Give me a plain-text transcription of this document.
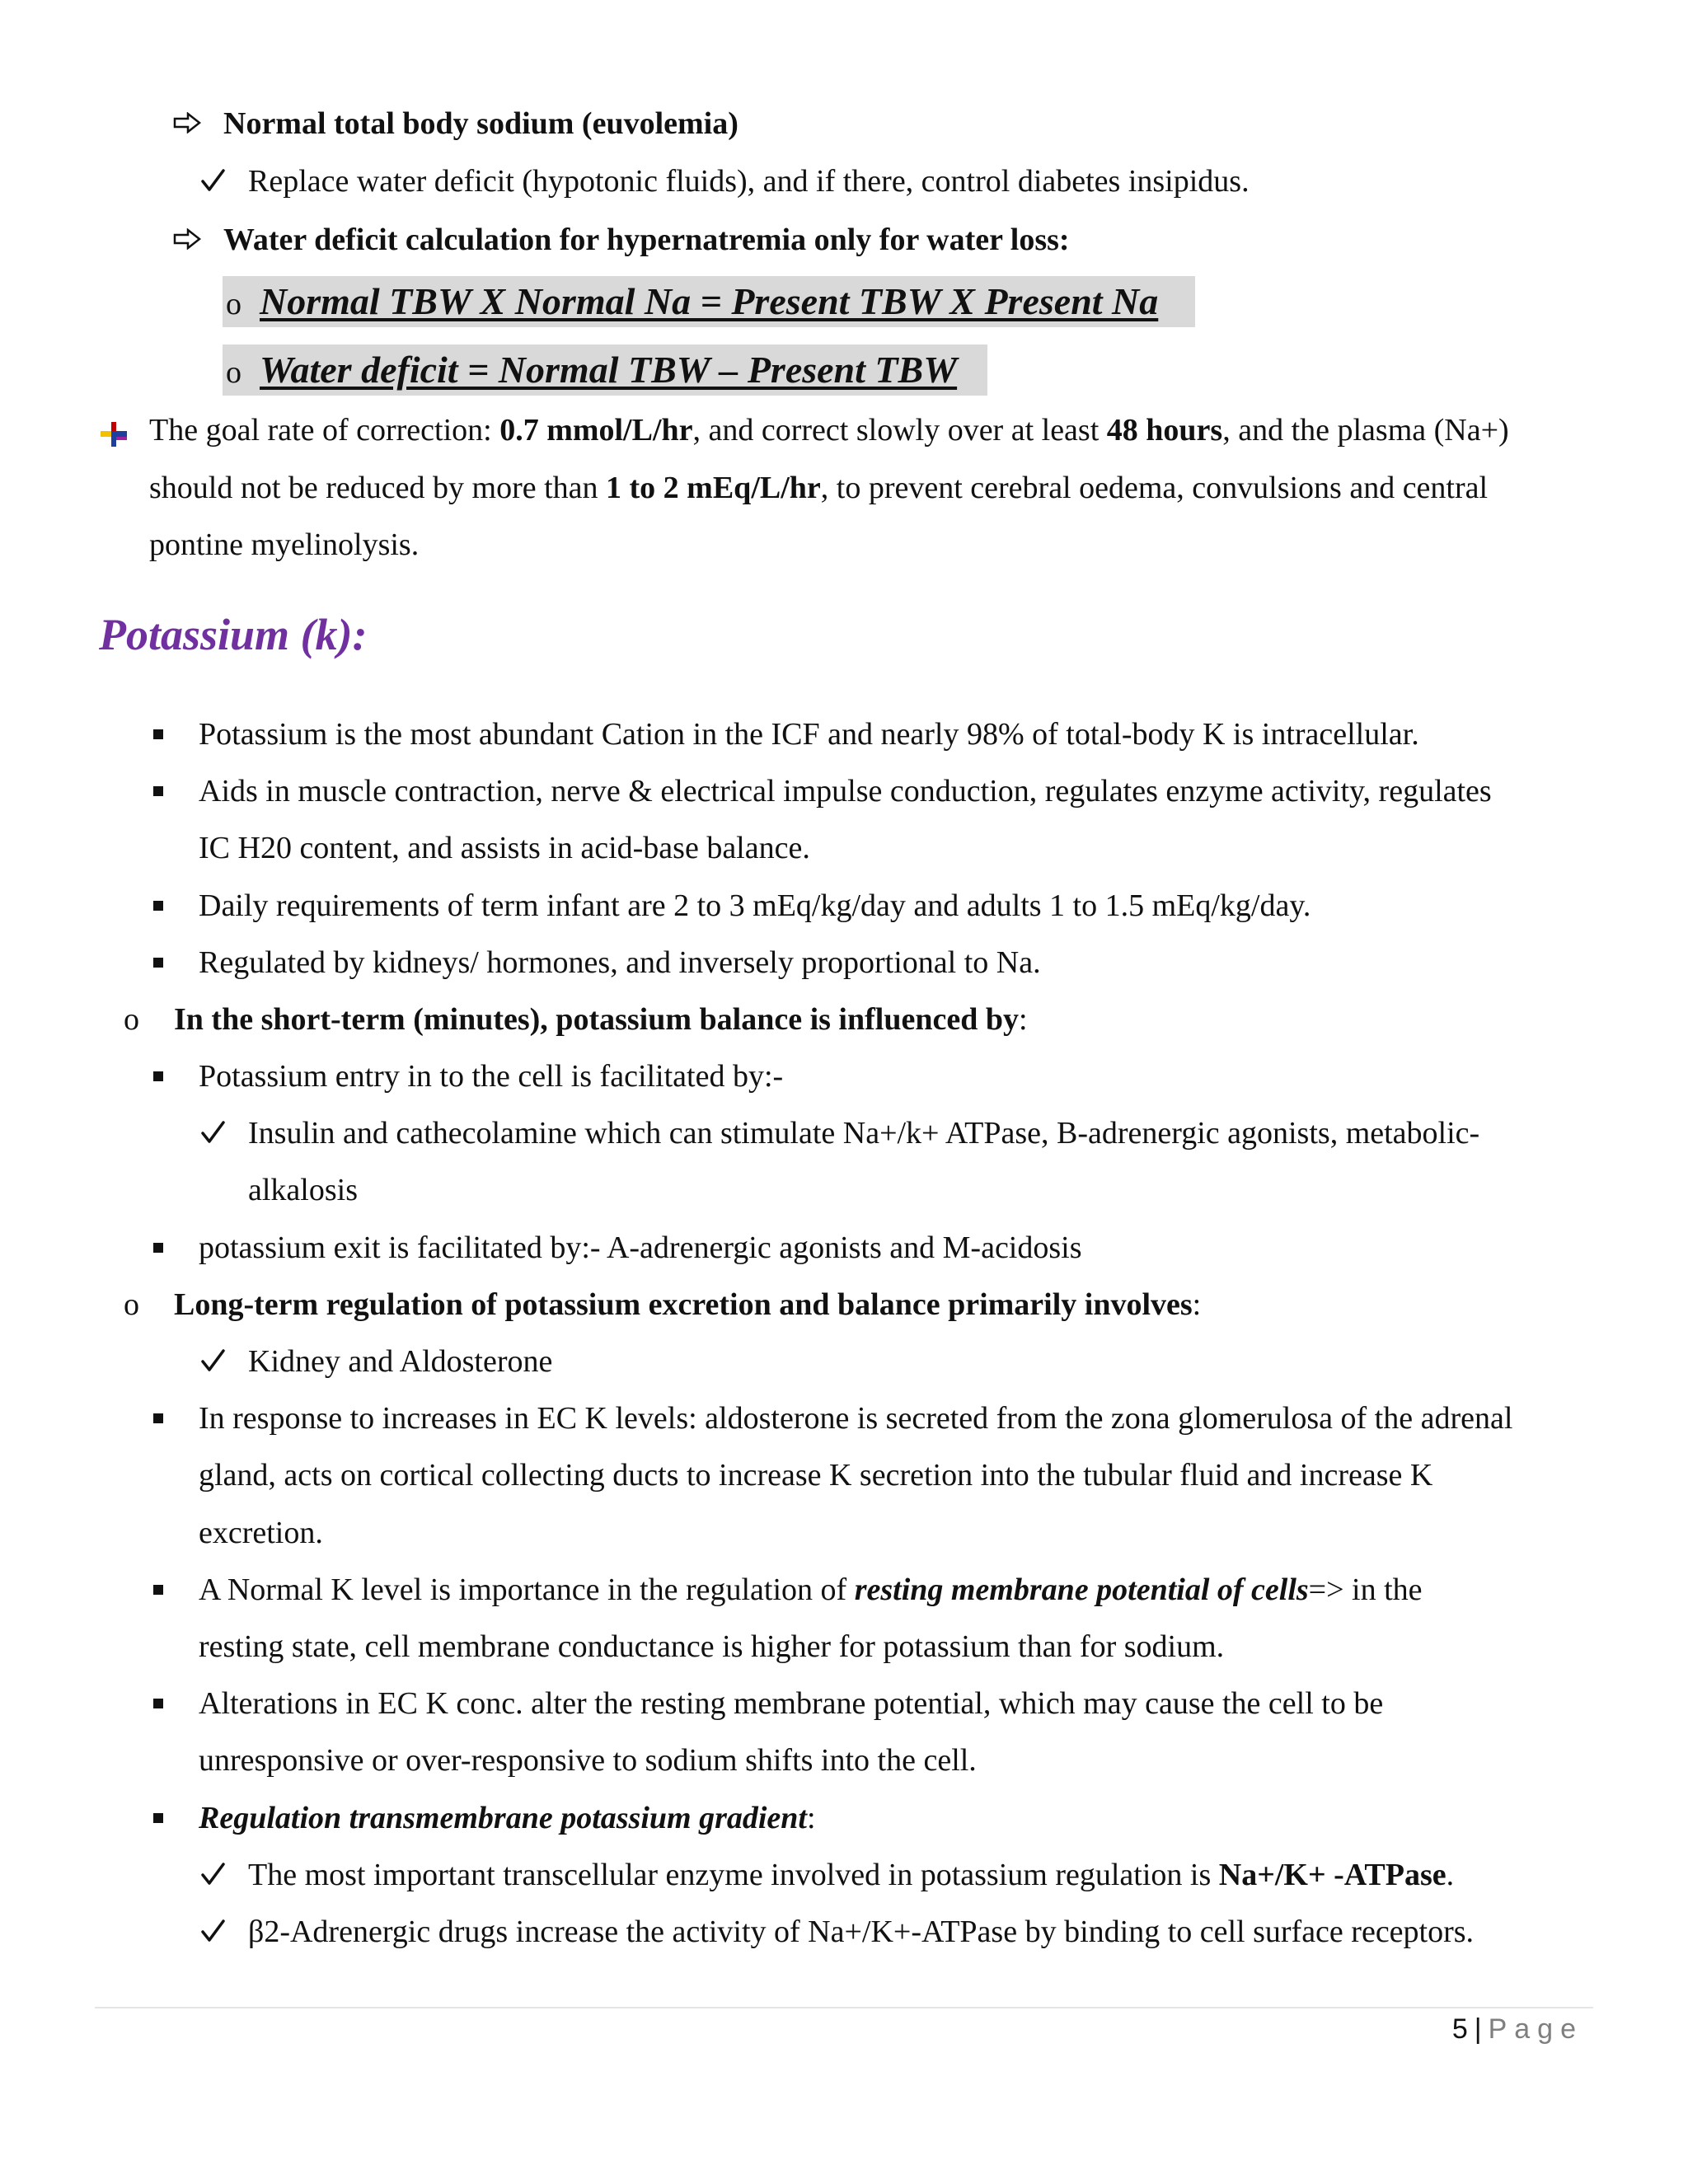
Normal total body sodium (euvolemia)
Replace water deficit (hypotonic fluids), and if there, control diabetes insipidus.
Water deficit calculation for hypernatremia only for water loss:
o Normal TBW X Normal Na = Present TBW X Present Na
o Water deficit = Normal TBW – Present TBW
The goal rate of correction: 0.7 mmol/L/hr, and correct slowly over at least 48 hours, and the plasma (Na+)
should not be reduced by more than 1 to 2 mEq/L/hr, to prevent cerebral oedema, convulsions and central
pontine myelinolysis.
Potassium (k):
Potassium is the most abundant Cation in the ICF and nearly 98% of total-body K is intracellular.
Aids in muscle contraction, nerve & electrical impulse conduction, regulates enzyme activity, regulates
IC H20 content, and assists in acid-base balance.
Daily requirements of term infant are 2 to 3 mEq/kg/day and adults 1 to 1.5 mEq/kg/day.
Regulated by kidneys/ hormones, and inversely proportional to Na.
o In the short-term (minutes), potassium balance is influenced by:
Potassium entry in to the cell is facilitated by:-
Insulin and cathecolamine which can stimulate Na+/k+ ATPase, B-adrenergic agonists, metabolic-
alkalosis
potassium exit is facilitated by:- A-adrenergic agonists and M-acidosis
o Long-term regulation of potassium excretion and balance primarily involves:
Kidney and Aldosterone
In response to increases in EC K levels: aldosterone is secreted from the zona glomerulosa of the adrenal
gland, acts on cortical collecting ducts to increase K secretion into the tubular fluid and increase K
excretion.
A Normal K level is importance in the regulation of resting membrane potential of cells=> in the
resting state, cell membrane conductance is higher for potassium than for sodium.
Alterations in EC K conc. alter the resting membrane potential, which may cause the cell to be
unresponsive or over-responsive to sodium shifts into the cell.
Regulation transmembrane potassium gradient:
The most important transcellular enzyme involved in potassium regulation is Na+/K+ -ATPase.
β2-Adrenergic drugs increase the activity of Na+/K+-ATPase by binding to cell surface receptors.
5 | Page
